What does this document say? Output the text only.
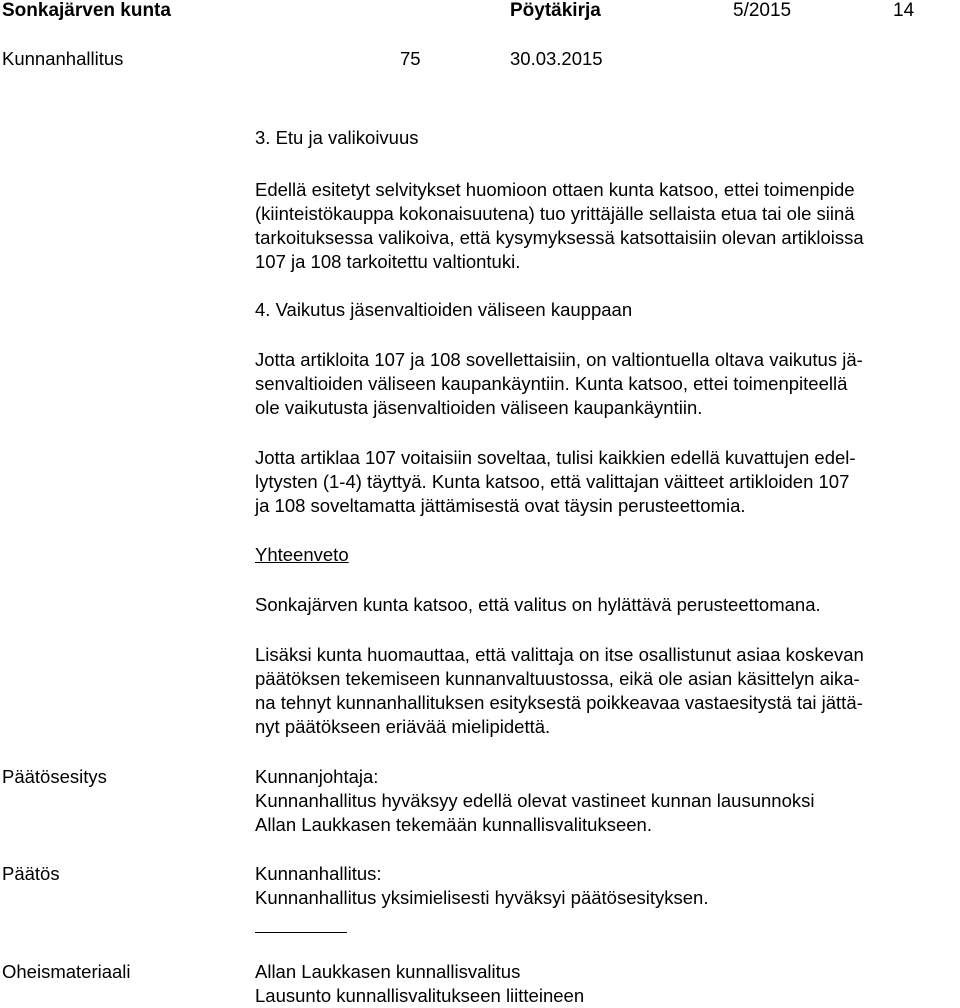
Sonkajärven kunta	Pöytäkirja	5/2015	14
Kunnanhallitus	75	30.03.2015
3. Etu ja valikoivuus
Edellä esitetyt selvitykset huomioon ottaen kunta katsoo, ettei toimenpide
(kiinteistökauppa kokonaisuutena) tuo yrittäjälle sellaista etua tai ole siinä
tarkoituksessa valikoiva, että kysymyksessä katsottaisiin olevan artikloissa
107 ja 108 tarkoitettu valtiontuki.
4. Vaikutus jäsenvaltioiden väliseen kauppaan
Jotta artikloita 107 ja 108 sovellettaisiin, on valtiontuella oltava vaikutus jä-
senvaltioiden väliseen kaupankäyntiin. Kunta katsoo, ettei toimenpiteellä
ole vaikutusta jäsenvaltioiden väliseen kaupankäyntiin.
Jotta artiklaa 107 voitaisiin soveltaa, tulisi kaikkien edellä kuvattujen edel-
lytysten (1-4) täyttyä. Kunta katsoo, että valittajan väitteet artikloiden 107
ja 108 soveltamatta jättämisestä ovat täysin perusteettomia.
Yhteenveto
Sonkajärven kunta katsoo, että valitus on hylättävä perusteettomana.
Lisäksi kunta huomauttaa, että valittaja on itse osallistunut asiaa koskevan
päätöksen tekemiseen kunnanvaltuustossa, eikä ole asian käsittelyn aika-
na tehnyt kunnanhallituksen esityksestä poikkeavaa vastaesitystä tai jättä-
nyt päätökseen eriävää mielipidettä.
Päätösesitys	Kunnanjohtaja:
Kunnanhallitus hyväksyy edellä olevat vastineet kunnan lausunnoksi
Allan Laukkasen tekemään kunnallisvalitukseen.
Päätös	Kunnanhallitus:
Kunnanhallitus yksimielisesti hyväksyi päätösesityksen.
Oheismateriaali	Allan Laukkasen kunnallisvalitus
Lausunto kunnallisvalitukseen liitteineen
